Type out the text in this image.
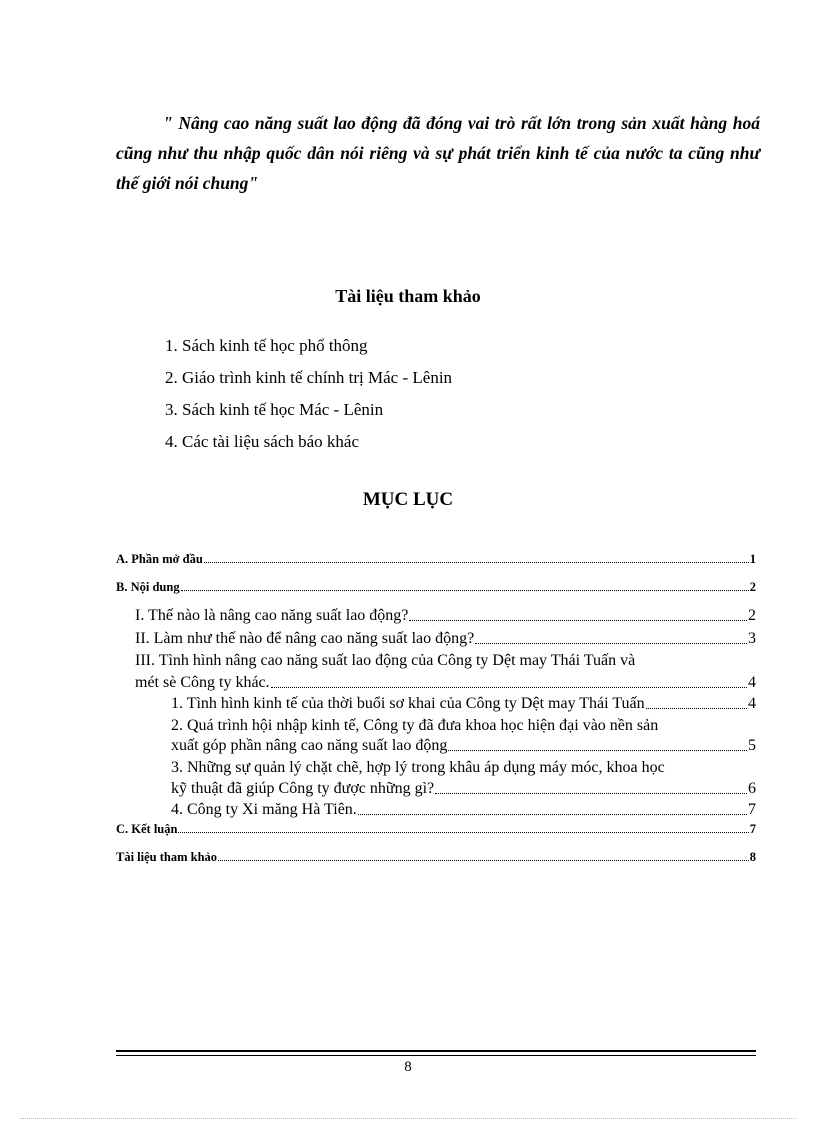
" Nâng cao năng suất lao động đã đóng vai trò rất lớn trong sản xuất hàng hoá cũng như thu nhập quốc dân nói riêng và sự phát triển kinh tế của nước ta cũng như thế giới nói chung"

Tài liệu tham khảo
1. Sách kinh tế học phổ thông
2. Giáo trình kinh tế chính trị Mác - Lênin
3. Sách kinh tế học Mác - Lênin
4. Các tài liệu sách báo khác
MỤC LỤC
A. Phần mở đầu	1
B. Nội dung	2
I. Thế nào là nâng cao năng suất lao động?	2
II. Làm như thế nào để nâng cao năng suất lao động?	3
III. Tình hình nâng cao năng suất lao động của Công ty Dệt may Thái Tuấn và
mét sè Công ty khác.	4
1. Tình hình kinh tế của thời buổi sơ khai của Công ty Dệt may Thái Tuấn	4
2. Quá trình hội nhập kinh tế, Công ty đã đưa khoa học hiện đại vào nền sản
xuất góp phần nâng cao năng suất lao động	5
3. Những sự quản lý chặt chẽ, hợp lý trong khâu áp dụng máy móc, khoa học
kỹ thuật đã giúp Công ty được những gì?	6
4. Công ty Xi măng Hà Tiên.	7
C. Kết luận	7
Tài liệu tham khảo	8
8
